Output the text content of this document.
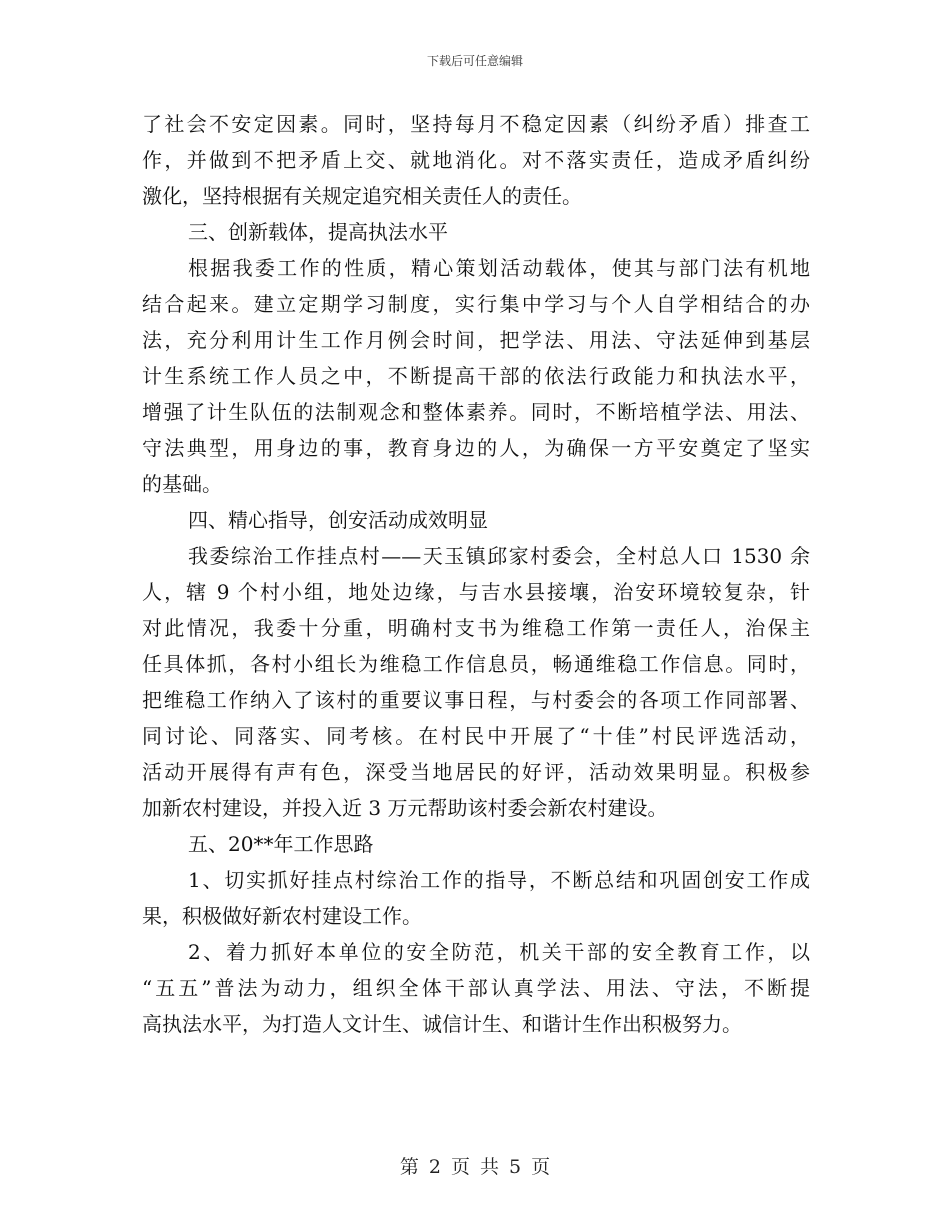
下载后可任意编辑
了社会不安定因素。同时，坚持每月不稳定因素（纠纷矛盾）排查工
作，并做到不把矛盾上交、就地消化。对不落实责任，造成矛盾纠纷
激化，坚持根据有关规定追究相关责任人的责任。
三、创新载体，提高执法水平
根据我委工作的性质，精心策划活动载体，使其与部门法有机地
结合起来。建立定期学习制度，实行集中学习与个人自学相结合的办
法，充分利用计生工作月例会时间，把学法、用法、守法延伸到基层
计生系统工作人员之中，不断提高干部的依法行政能力和执法水平，
增强了计生队伍的法制观念和整体素养。同时，不断培植学法、用法、
守法典型，用身边的事，教育身边的人，为确保一方平安奠定了坚实
的基础。
四、精心指导，创安活动成效明显
我委综治工作挂点村——天玉镇邱家村委会，全村总人口 1530 余
人，辖 9 个村小组，地处边缘，与吉水县接壤，治安环境较复杂，针
对此情况，我委十分重，明确村支书为维稳工作第一责任人，治保主
任具体抓，各村小组长为维稳工作信息员，畅通维稳工作信息。同时，
把维稳工作纳入了该村的重要议事日程，与村委会的各项工作同部署、
同讨论、同落实、同考核。在村民中开展了“十佳”村民评选活动，
活动开展得有声有色，深受当地居民的好评，活动效果明显。积极参
加新农村建设，并投入近 3 万元帮助该村委会新农村建设。
五、20**年工作思路
1、切实抓好挂点村综治工作的指导，不断总结和巩固创安工作成
果，积极做好新农村建设工作。
2、着力抓好本单位的安全防范，机关干部的安全教育工作，以
“五五”普法为动力，组织全体干部认真学法、用法、守法，不断提
高执法水平，为打造人文计生、诚信计生、和谐计生作出积极努力。
第 2 页 共 5 页
